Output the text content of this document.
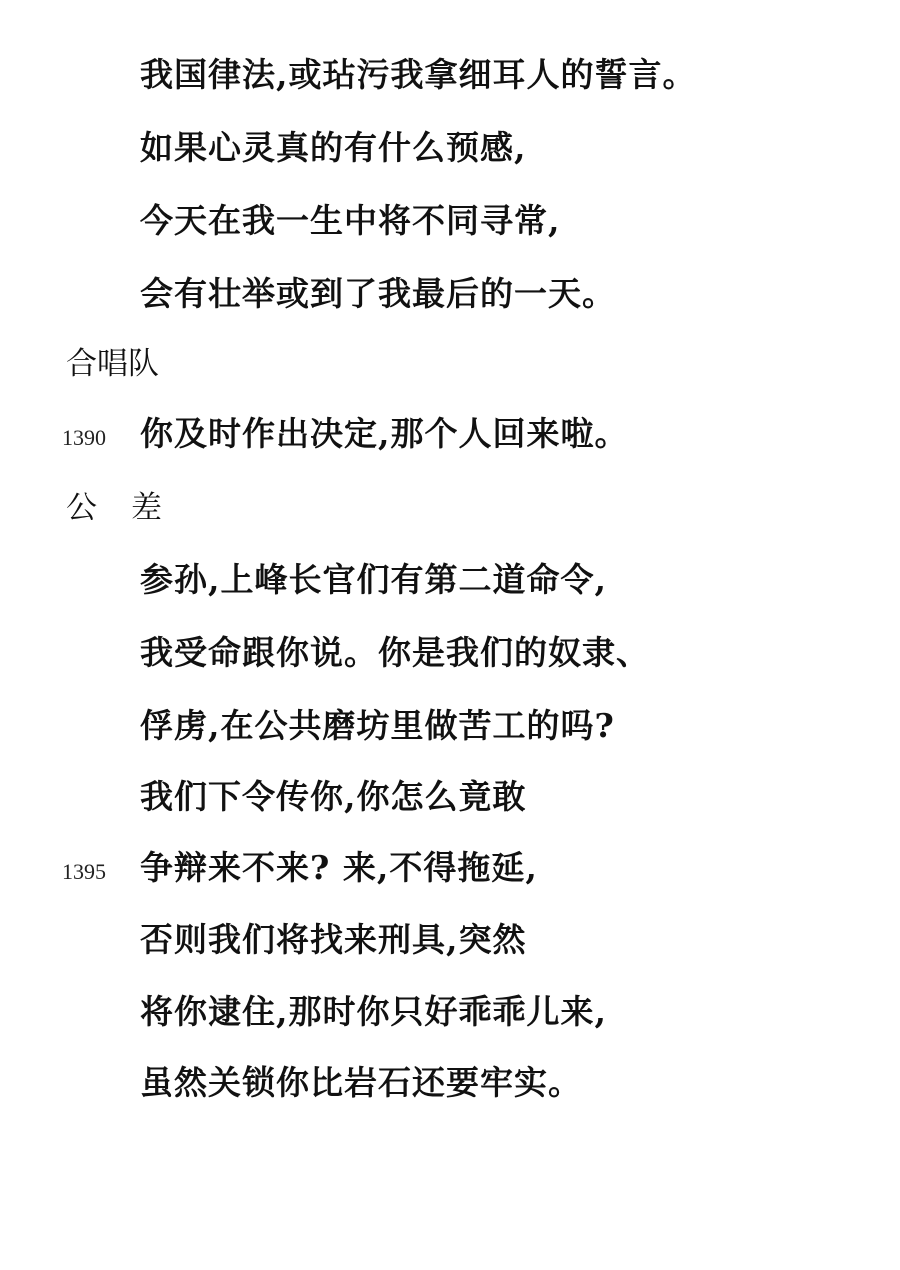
我国律法,或玷污我拿细耳人的誓言。
如果心灵真的有什么预感,
今天在我一生中将不同寻常,
会有壮举或到了我最后的一天。
合唱队
1390 你及时作出决定,那个人回来啦。
公差
参孙,上峰长官们有第二道命令,
我受命跟你说。你是我们的奴隶、
俘虏,在公共磨坊里做苦工的吗?
我们下令传你,你怎么竟敢
1395 争辩来不来? 来,不得拖延,
否则我们将找来刑具,突然
将你逮住,那时你只好乖乖儿来,
虽然关锁你比岩石还要牢实。
